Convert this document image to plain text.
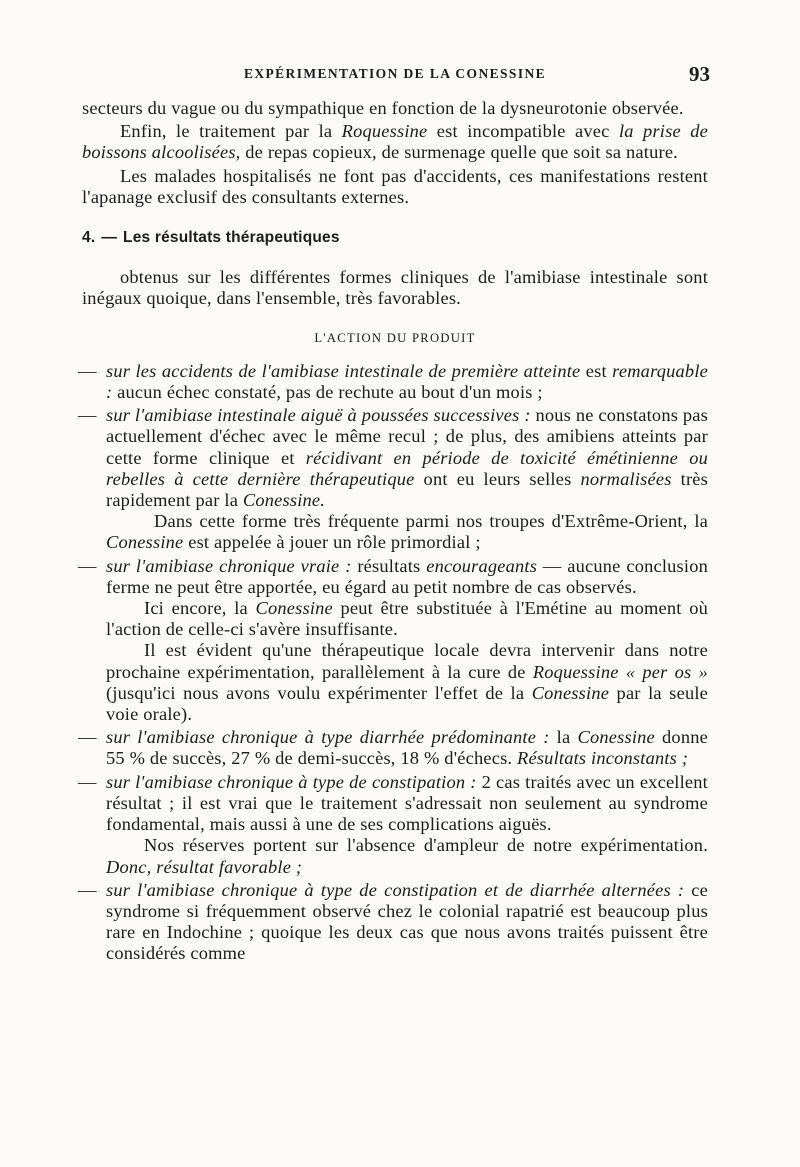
EXPÉRIMENTATION DE LA CONESSINE	93

secteurs du vague ou du sympathique en fonction de la dysneurotonie observée.

Enfin, le traitement par la Roquessine est incompatible avec la prise de boissons alcoolisées, de repas copieux, de surmenage quelle que soit sa nature.

Les malades hospitalisés ne font pas d'accidents, ces manifestations restent l'apanage exclusif des consultants externes.

4. — Les résultats thérapeutiques

obtenus sur les différentes formes cliniques de l'amibiase intestinale sont inégaux quoique, dans l'ensemble, très favorables.

L'ACTION DU PRODUIT

— sur les accidents de l'amibiase intestinale de première atteinte est remarquable : aucun échec constaté, pas de rechute au bout d'un mois ;

— sur l'amibiase intestinale aiguë à poussées successives : nous ne constatons pas actuellement d'échec avec le même recul ; de plus, des amibiens atteints par cette forme clinique et récidivant en période de toxicité émétinienne ou rebelles à cette dernière thérapeutique ont eu leurs selles normalisées très rapidement par la Conessine.

Dans cette forme très fréquente parmi nos troupes d'Extrême-Orient, la Conessine est appelée à jouer un rôle primordial ;

— sur l'amibiase chronique vraie : résultats encourageants — aucune conclusion ferme ne peut être apportée, eu égard au petit nombre de cas observés.

Ici encore, la Conessine peut être substituée à l'Emétine au moment où l'action de celle-ci s'avère insuffisante.

Il est évident qu'une thérapeutique locale devra intervenir dans notre prochaine expérimentation, parallèlement à la cure de Roquessine « per os » (jusqu'ici nous avons voulu expérimenter l'effet de la Conessine par la seule voie orale).

— sur l'amibiase chronique à type diarrhée prédominante : la Conessine donne 55 % de succès, 27 % de demi-succès, 18 % d'échecs. Résultats inconstants ;

— sur l'amibiase chronique à type de constipation : 2 cas traités avec un excellent résultat ; il est vrai que le traitement s'adressait non seulement au syndrome fondamental, mais aussi à une de ses complications aiguës.

Nos réserves portent sur l'absence d'ampleur de notre expérimentation. Donc, résultat favorable ;

— sur l'amibiase chronique à type de constipation et de diarrhée alternées : ce syndrome si fréquemment observé chez le colonial rapatrié est beaucoup plus rare en Indochine ; quoique les deux cas que nous avons traités puissent être considérés comme
